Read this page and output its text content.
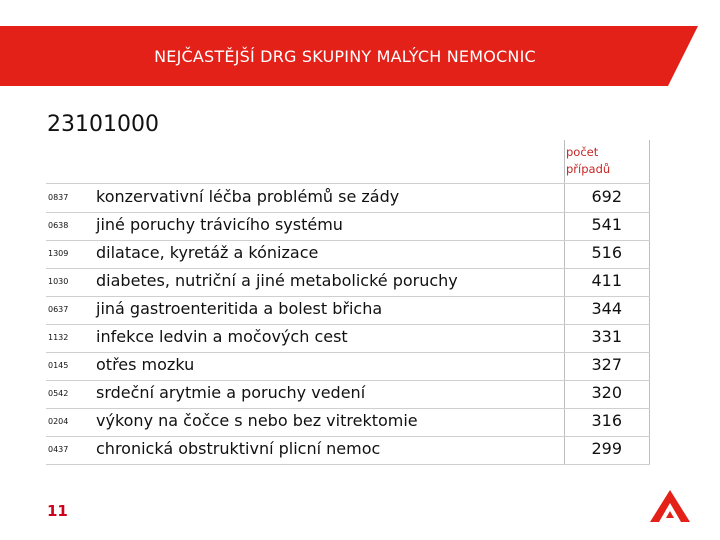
NEJČASTĚJŠÍ DRG SKUPINY MALÝCH NEMOCNIC
23101000
počet
případů
0837 konzervativní léčba problémů se zády	692
0638 jiné poruchy trávicího systému	541
1309 dilatace, kyretáž a kónizace	516
1030 diabetes, nutriční a jiné metabolické poruchy	411
0637 jiná gastroenteritida a bolest břicha	344
1132 infekce ledvin a močových cest	331
0145 otřes mozku	327
0542 srdeční arytmie a poruchy vedení	320
0204 výkony na čočce s nebo bez vitrektomie	316
0437 chronická obstruktivní plicní nemoc	299
11
